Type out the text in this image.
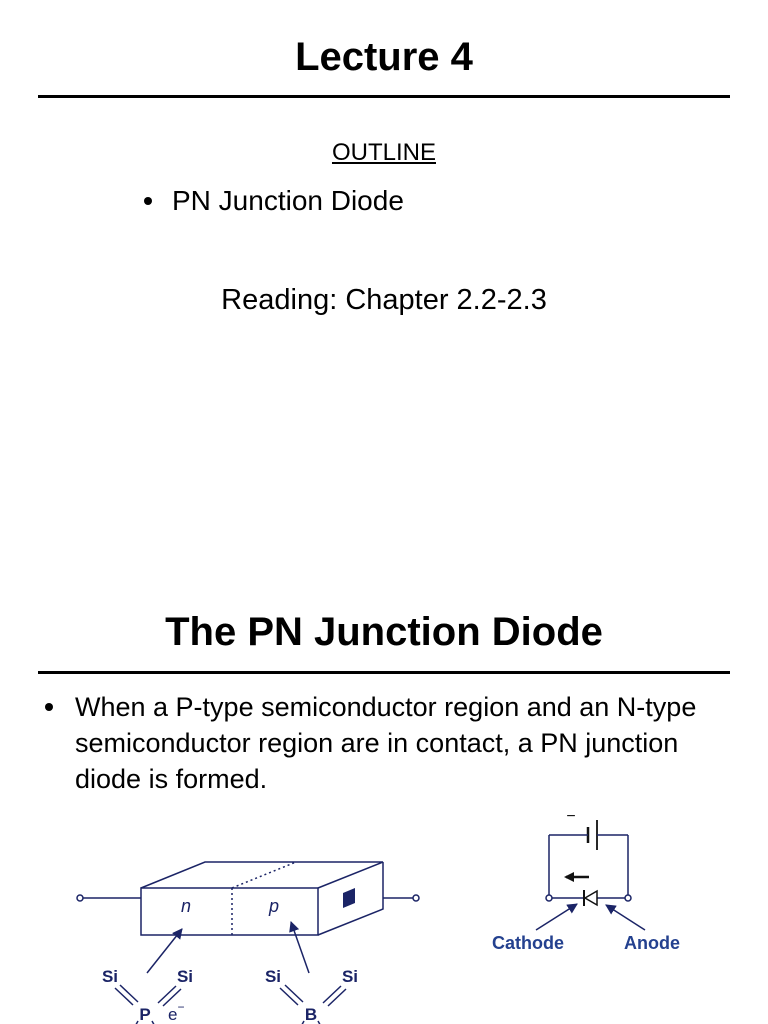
Lecture 4
OUTLINE
PN Junction Diode
Reading: Chapter 2.2-2.3
The PN Junction Diode
When a P-type semiconductor region and an N-type
semiconductor region are in contact, a PN junction
diode is formed.
n	p
Si	Si
P e−
Si	Si
B
−
Cathode	Anode
